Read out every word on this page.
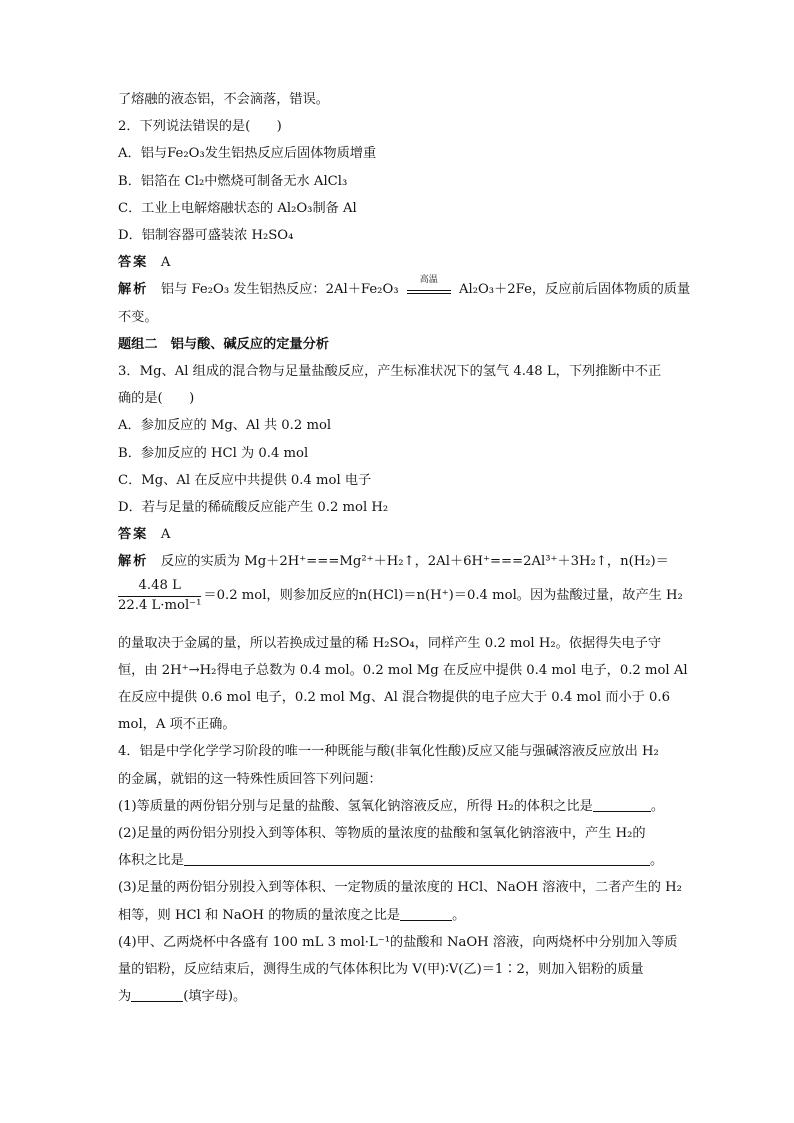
了熔融的液态铝，不会滴落，错误。
2．下列说法错误的是(　　)
A．铝与Fe₂O₃发生铝热反应后固体物质增重
B．铝箔在 Cl₂中燃烧可制备无水 AlCl₃
C．工业上电解熔融状态的 Al₂O₃制备 Al
D．铝制容器可盛装浓 H₂SO₄
答案 A
解析 铝与 Fe₂O₃ 发生铝热反应：2Al＋Fe₂O₃
高温
Al₂O₃＋2Fe，反应前后固体物质的质量
不变。
题组二　铝与酸、碱反应的定量分析
3．Mg、Al 组成的混合物与足量盐酸反应，产生标准状况下的氢气 4.48 L，下列推断中不正
确的是(　　)
A．参加反应的 Mg、Al 共 0.2 mol
B．参加反应的 HCl 为 0.4 mol
C．Mg、Al 在反应中共提供 0.4 mol 电子
D．若与足量的稀硫酸反应能产生 0.2 mol H₂
答案 A
解析 反应的实质为 Mg＋2H⁺===Mg²⁺＋H₂↑，2Al＋6H⁺===2Al³⁺＋3H₂↑，n(H₂)＝
$\frac{4.48 L}{\text{22.4 L·mol⁻¹}} =0.2$ mol，则参加反应的n(HCl)＝n(H⁺)＝0.4 mol。因为盐酸过量，故产生 H₂
的量取决于金属的量，所以若换成过量的稀 H₂SO₄，同样产生 0.2 mol H₂。依据得失电子守
恒，由 2H⁺→H₂得电子总数为 0.4 mol。0.2 mol Mg 在反应中提供 0.4 mol 电子，0.2 mol Al
在反应中提供 0.6 mol 电子，0.2 mol Mg、Al 混合物提供的电子应大于 0.4 mol 而小于 0.6
mol，A 项不正确。
4．铝是中学化学学习阶段的唯一一种既能与酸(非氧化性酸)反应又能与强碱溶液反应放出 H₂
的金属，就铝的这一特殊性质回答下列问题：
(1)等质量的两份铝分别与足量的盐酸、氢氧化钠溶液反应，所得 H₂的体积之比是	。
(2)足量的两份铝分别投入到等体积、等物质的量浓度的盐酸和氢氧化钠溶液中，产生 H₂的
体积之比是	。
(3)足量的两份铝分别投入到等体积、一定物质的量浓度的 HCl、NaOH 溶液中，二者产生的 H₂
相等，则 HCl 和 NaOH 的物质的量浓度之比是	。
(4)甲、乙两烧杯中各盛有 100 mL 3 mol·L⁻¹的盐酸和 NaOH 溶液，向两烧杯中分别加入等质
量的铝粉，反应结束后，测得生成的气体体积比为 V(甲)∶V(乙)＝1∶2，则加入铝粉的质量
为	(填字母)。
